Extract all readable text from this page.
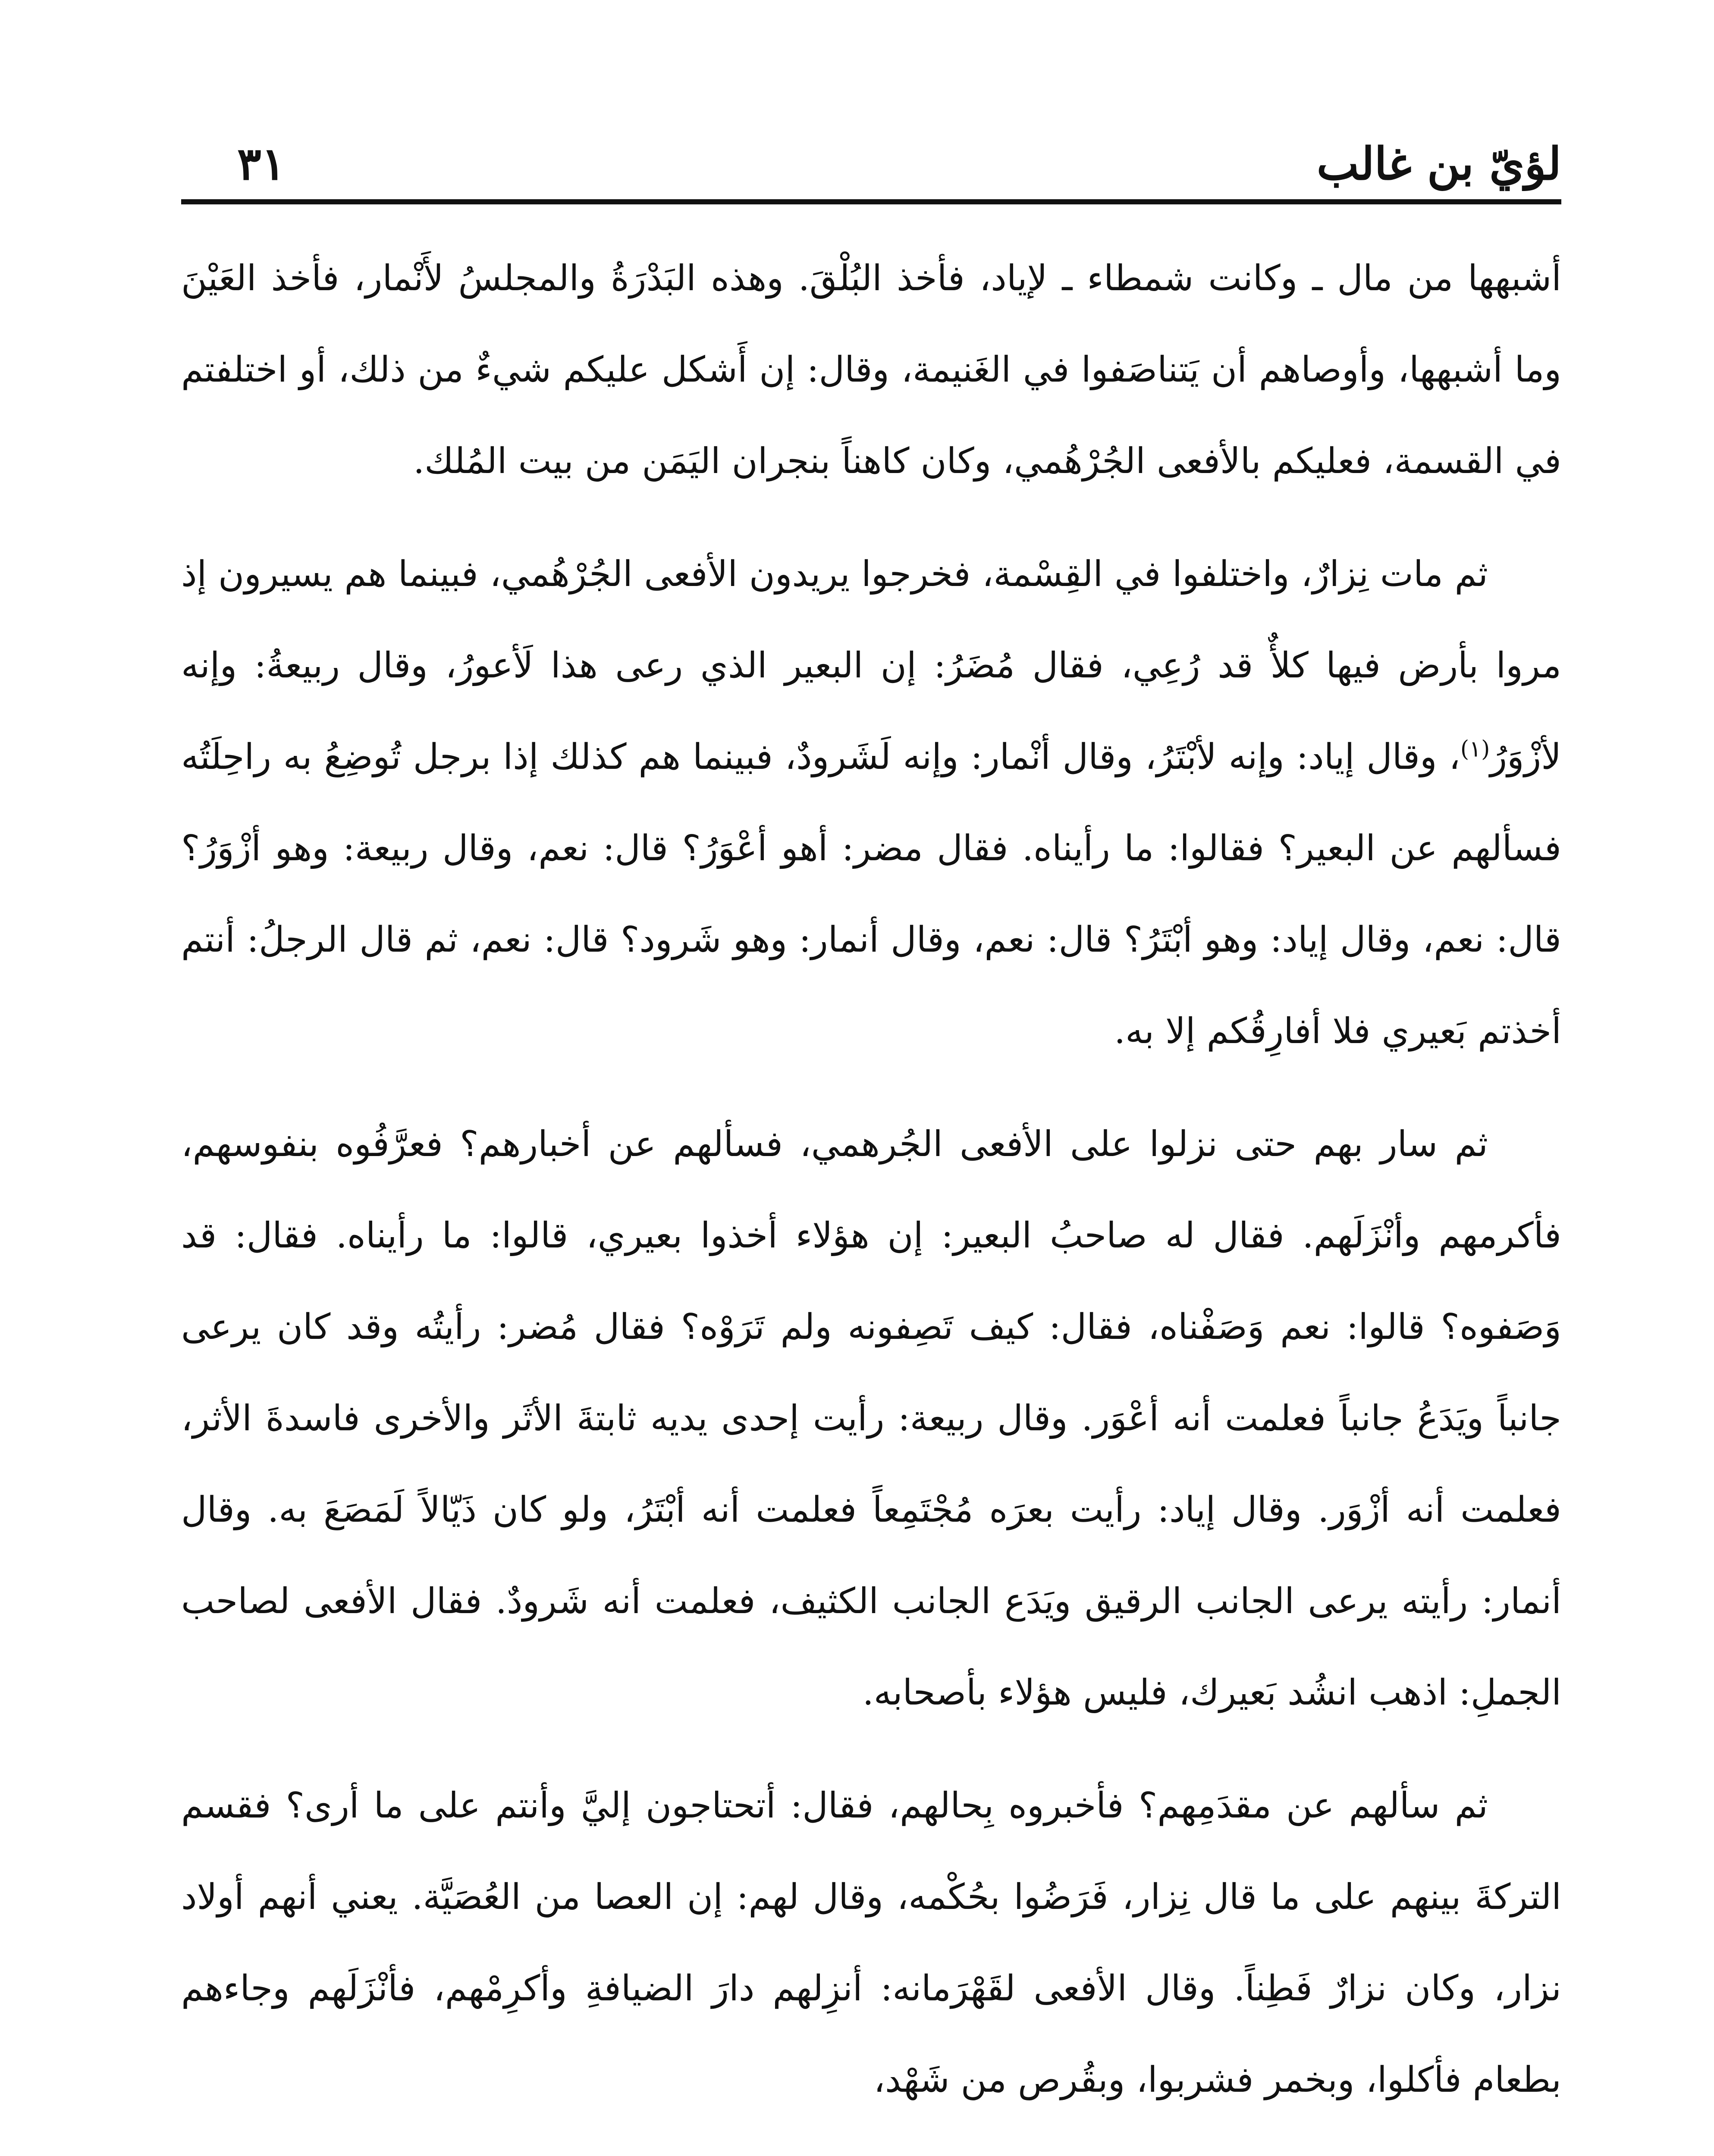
لؤيّ بن غالب
٣١

أشبهها من مال ـ وكانت شمطاء ـ لإياد، فأخذ البُلْقَ. وهذه البَدْرَةُ والمجلسُ لأَنْمار، فأخذ العَيْنَ وما أشبهها، وأوصاهم أن يَتناصَفوا في الغَنيمة، وقال: إن أَشكل عليكم شيءٌ من ذلك، أو اختلفتم في القسمة، فعليكم بالأفعى الجُرْهُمي، وكان كاهناً بنجران اليَمَن من بيت المُلك.

ثم مات نِزارٌ، واختلفوا في القِسْمة، فخرجوا يريدون الأفعى الجُرْهُمي، فبينما هم يسيرون إذ مروا بأرض فيها كلأٌ قد رُعِي، فقال مُضَرُ: إن البعير الذي رعى هذا لَأعورُ، وقال ربيعةُ: وإنه لأزْوَرُ$^{(١)}$، وقال إياد: وإنه لأبْتَرُ، وقال أنْمار: وإنه لَشَرودٌ، فبينما هم كذلك إذا برجل تُوضِعُ به راحِلَتُه فسألهم عن البعير؟ فقالوا: ما رأيناه. فقال مضر: أهو أعْوَرُ؟ قال: نعم، وقال ربيعة: وهو أزْوَرُ؟ قال: نعم، وقال إياد: وهو أبْتَرُ؟ قال: نعم، وقال أنمار: وهو شَرود؟ قال: نعم، ثم قال الرجلُ: أنتم أخذتم بَعيري فلا أفارِقُكم إلا به.

ثم سار بهم حتى نزلوا على الأفعى الجُرهمي، فسألهم عن أخبارهم؟ فعرَّفُوه بنفوسهم، فأكرمهم وأنْزَلَهم. فقال له صاحبُ البعير: إن هؤلاء أخذوا بعيري، قالوا: ما رأيناه. فقال: قد وَصَفوه؟ قالوا: نعم وَصَفْناه، فقال: كيف تَصِفونه ولم تَرَوْه؟ فقال مُضر: رأيتُه وقد كان يرعى جانباً ويَدَعُ جانباً فعلمت أنه أعْوَر. وقال ربيعة: رأيت إحدى يديه ثابتةَ الأثَر والأخرى فاسدةَ الأثر، فعلمت أنه أزْوَر. وقال إياد: رأيت بعرَه مُجْتَمِعاً فعلمت أنه أبْتَرُ، ولو كان ذَيّالاً لَمَصَعَ به. وقال أنمار: رأيته يرعى الجانب الرقيق ويَدَع الجانب الكثيف، فعلمت أنه شَرودٌ. فقال الأفعى لصاحب الجملِ: اذهب انشُد بَعيرك، فليس هؤلاء بأصحابه.

ثم سألهم عن مقدَمِهم؟ فأخبروه بِحالهم، فقال: أتحتاجون إليَّ وأنتم على ما أرى؟ فقسم التركةَ بينهم على ما قال نِزار، فَرَضُوا بحُكْمه، وقال لهم: إن العصا من العُصَيَّة. يعني أنهم أولاد نزار، وكان نزارٌ فَطِناً. وقال الأفعى لقَهْرَمانه: أنزِلهم دارَ الضيافةِ وأكرِمْهم، فأنْزَلَهم وجاءهم بطعام فأكلوا، وبخمر فشربوا، وبقُرص من شَهْد،
